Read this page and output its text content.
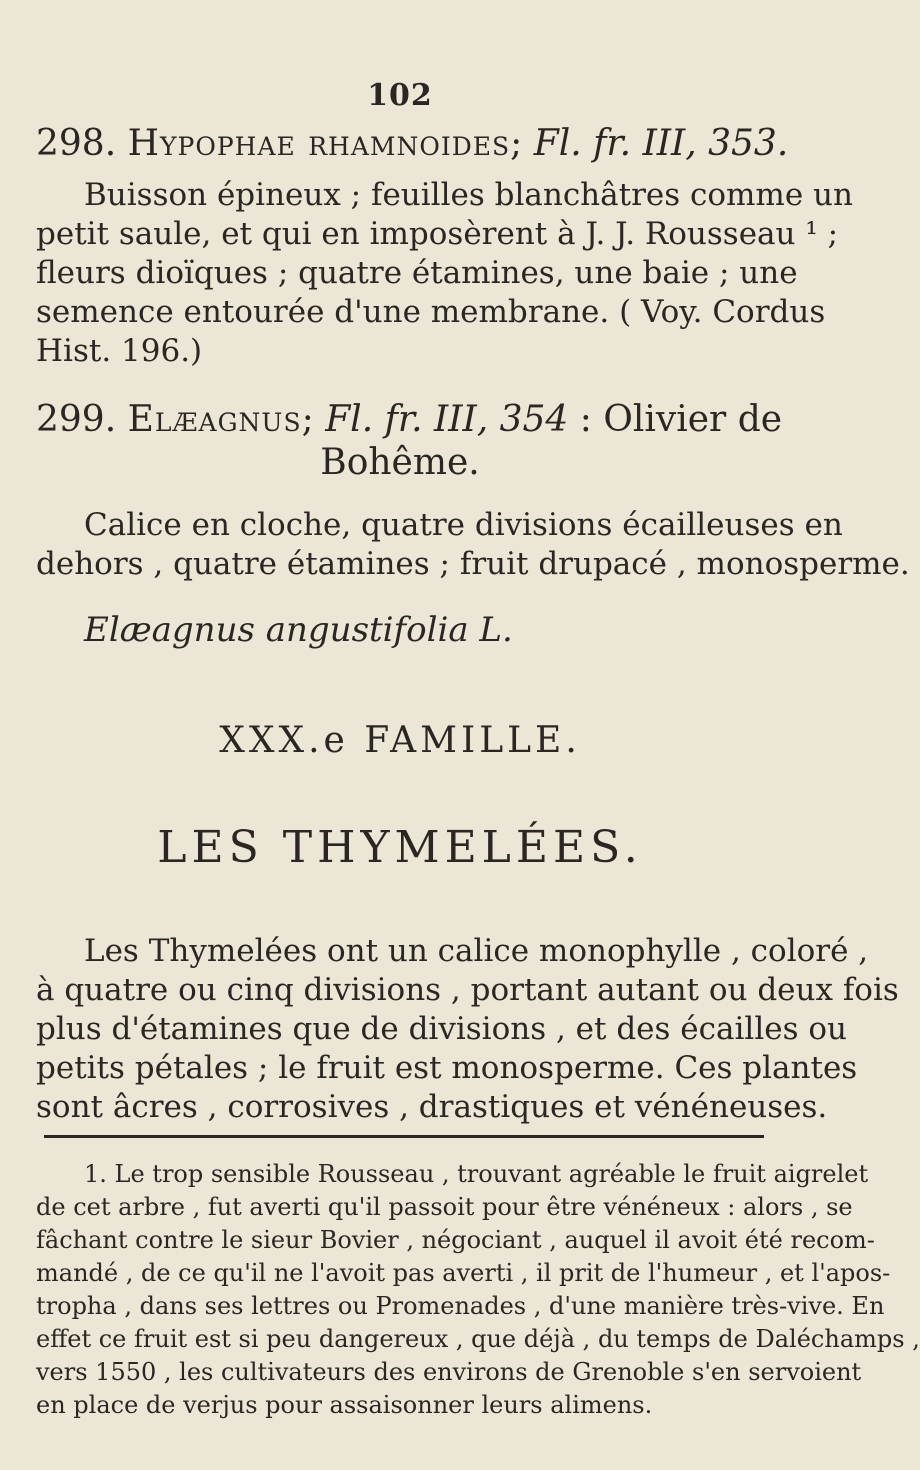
102
298. Hypophae rhamnoides; Fl. fr. III, 353.
Buisson épineux ; feuilles blanchâtres comme un
petit saule, et qui en imposèrent à J. J. Rousseau ¹ ;
fleurs dioïques ; quatre étamines, une baie ; une
semence entourée d'une membrane. ( Voy. Cordus
Hist. 196.)
299. Elæagnus; Fl. fr. III, 354 : Olivier de
Bohême.
Calice en cloche, quatre divisions écailleuses en
dehors , quatre étamines ; fruit drupacé , monosperme.
Elæagnus angustifolia L.
XXX.e FAMILLE.
LES THYMELÉES.
Les Thymelées ont un calice monophylle , coloré ,
à quatre ou cinq divisions , portant autant ou deux fois
plus d'étamines que de divisions , et des écailles ou
petits pétales ; le fruit est monosperme. Ces plantes
sont âcres , corrosives , drastiques et vénéneuses.
1. Le trop sensible Rousseau , trouvant agréable le fruit aigrelet
de cet arbre , fut averti qu'il passoit pour être vénéneux : alors , se
fâchant contre le sieur Bovier , négociant , auquel il avoit été recom-
mandé , de ce qu'il ne l'avoit pas averti , il prit de l'humeur , et l'apos-
tropha , dans ses lettres ou Promenades , d'une manière très-vive. En
effet ce fruit est si peu dangereux , que déjà , du temps de Daléchamps ,
vers 1550 , les cultivateurs des environs de Grenoble s'en servoient
en place de verjus pour assaisonner leurs alimens.
